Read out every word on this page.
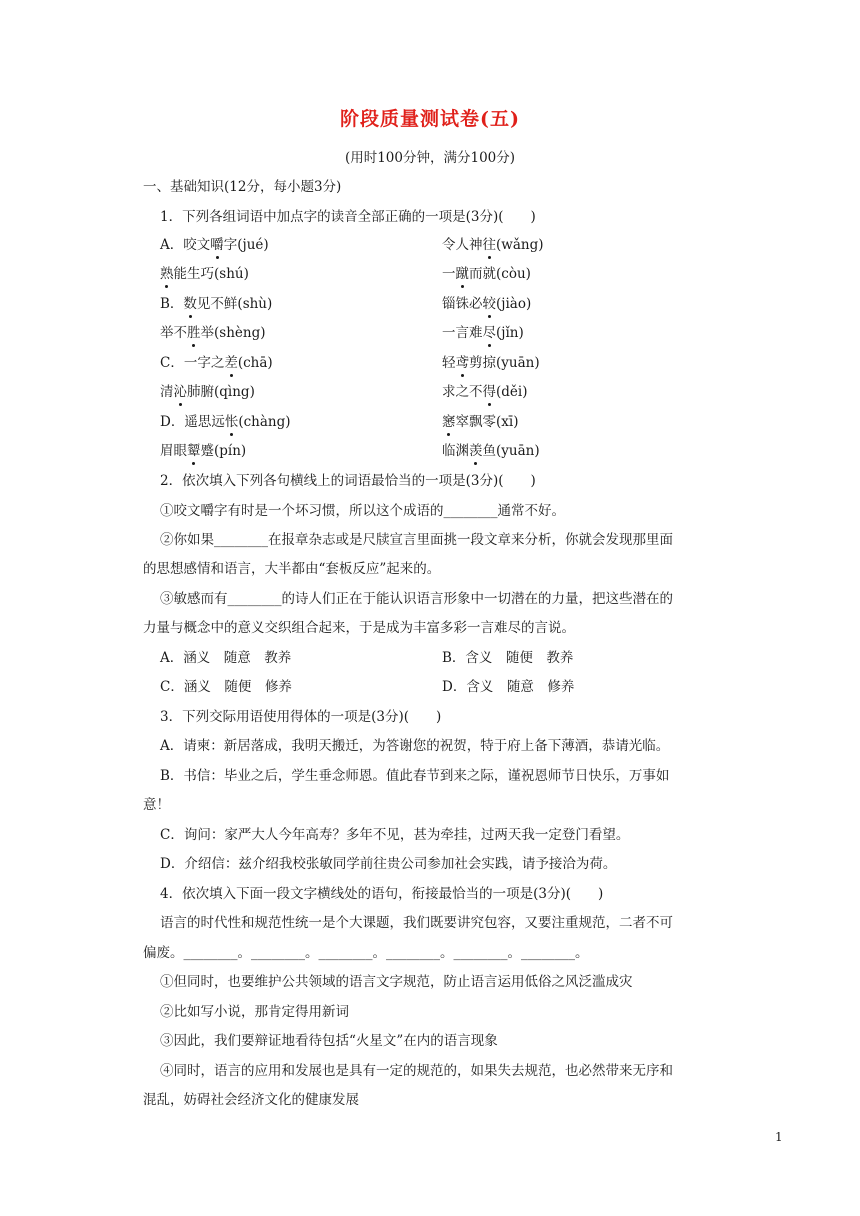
阶段质量测试卷(五)
(用时100分钟，满分100分)
一、基础知识(12分，每小题3分)
1．下列各组词语中加点字的读音全部正确的一项是(3分)(　　)
A．咬文嚼字(jué)	令人神往(wǎng)
熟能生巧(shú)	一蹴而就(còu)
B．数见不鲜(shù)	锱铢必较(jiào)
举不胜举(shèng)	一言难尽(jǐn)
C．一字之差(chā)	轻鸢剪掠(yuān)
清沁肺腑(qìng)	求之不得(děi)
D．遥思远怅(chàng)	窸窣飘零(xī)
眉眼颦蹙(pín)	临渊羡鱼(yuān)
2．依次填入下列各句横线上的词语最恰当的一项是(3分)(　　)
①咬文嚼字有时是一个坏习惯，所以这个成语的________通常不好。
②你如果________在报章杂志或是尺牍宣言里面挑一段文章来分析，你就会发现那里面
的思想感情和语言，大半都由“套板反应”起来的。
③敏感而有________的诗人们正在于能认识语言形象中一切潜在的力量，把这些潜在的
力量与概念中的意义交织组合起来，于是成为丰富多彩一言难尽的言说。
A．涵义　随意　教养	B．含义　随便　教养
C．涵义　随便　修养	D．含义　随意　修养
3．下列交际用语使用得体的一项是(3分)(　　)
A．请柬：新居落成，我明天搬迁，为答谢您的祝贺，特于府上备下薄酒，恭请光临。
B．书信：毕业之后，学生垂念师恩。值此春节到来之际，谨祝恩师节日快乐，万事如
意！
C．询问：家严大人今年高寿？多年不见，甚为牵挂，过两天我一定登门看望。
D．介绍信：兹介绍我校张敏同学前往贵公司参加社会实践，请予接洽为荷。
4．依次填入下面一段文字横线处的语句，衔接最恰当的一项是(3分)(　　)
语言的时代性和规范性统一是个大课题，我们既要讲究包容，又要注重规范，二者不可
偏废。________。________。________。________。________。________。
①但同时，也要维护公共领域的语言文字规范，防止语言运用低俗之风泛滥成灾
②比如写小说，那肯定得用新词
③因此，我们要辩证地看待包括“火星文”在内的语言现象
④同时，语言的应用和发展也是具有一定的规范的，如果失去规范，也必然带来无序和
混乱，妨碍社会经济文化的健康发展
1
